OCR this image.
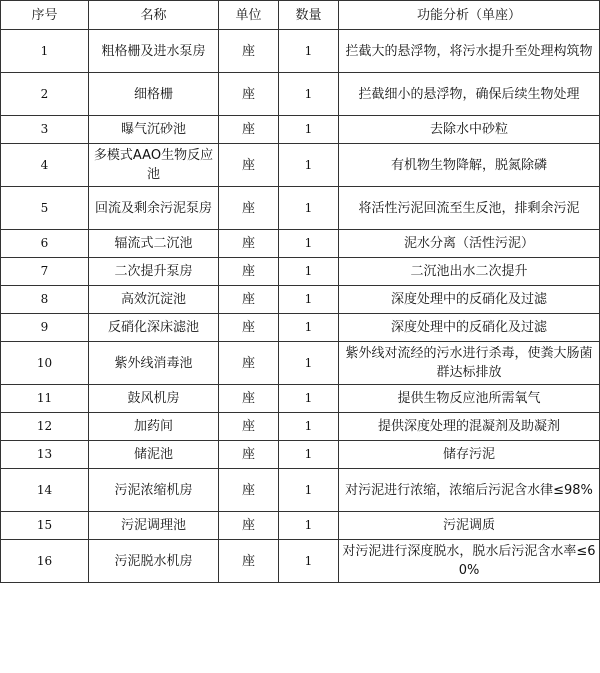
序号	名称	单位	数量	功能分析（单座）
1	粗格栅及进水泵房	座	1	拦截大的悬浮物，将污水提升至处理构筑物
2	细格栅	座	1	拦截细小的悬浮物，确保后续生物处理
3	曝气沉砂池	座	1	去除水中砂粒
4	多模式AAO生物反应池	座	1	有机物生物降解，脱氮除磷
5	回流及剩余污泥泵房	座	1	将活性污泥回流至生反池，排剩余污泥
6	辐流式二沉池	座	1	泥水分离（活性污泥）
7	二次提升泵房	座	1	二沉池出水二次提升
8	高效沉淀池	座	1	深度处理中的反硝化及过滤
9	反硝化深床滤池	座	1	深度处理中的反硝化及过滤
10	紫外线消毒池	座	1	紫外线对流经的污水进行杀毒，使粪大肠菌群达标排放
11	鼓风机房	座	1	提供生物反应池所需氧气
12	加药间	座	1	提供深度处理的混凝剂及助凝剂
13	储泥池	座	1	储存污泥
14	污泥浓缩机房	座	1	对污泥进行浓缩，浓缩后污泥含水律≤98%
15	污泥调理池	座	1	污泥调质
16	污泥脱水机房	座	1	对污泥进行深度脱水，脱水后污泥含水率≤60%
